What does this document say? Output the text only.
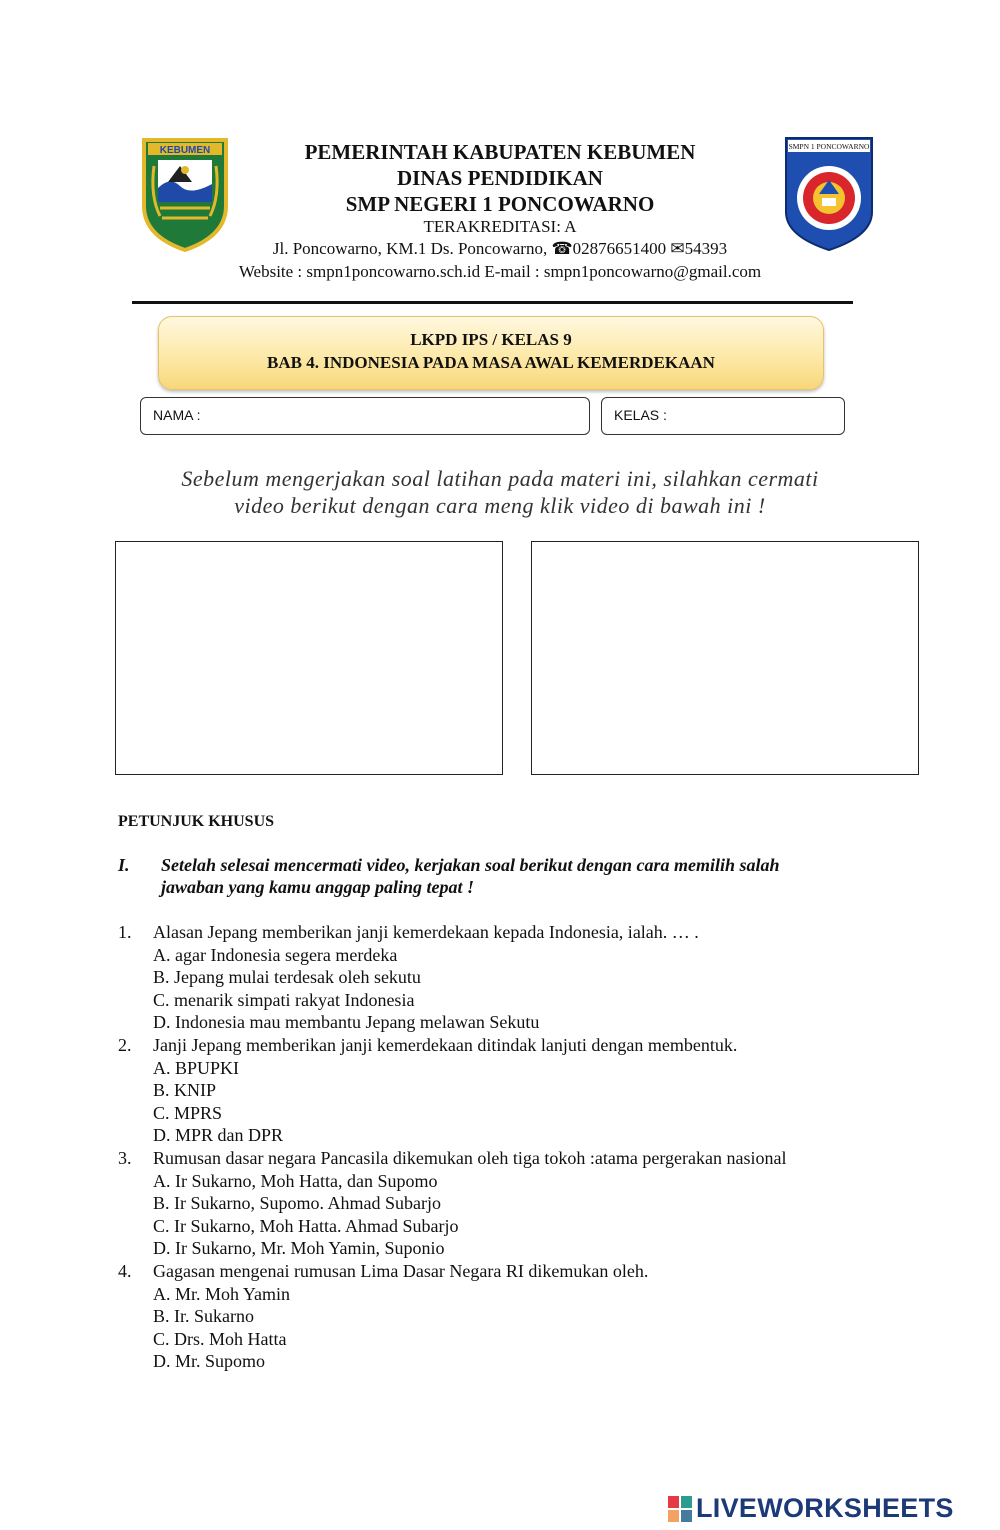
KEBUMEN	PEMERINTAH KABUPATEN KEBUMEN
DINAS PENDIDIKAN
SMP NEGERI 1 PONCOWARNO
TERAKREDITASI: A
Jl. Poncowarno, KM.1 Ds. Poncowarno, ☎02876651400 ✉54393
Website : smpn1poncowarno.sch.id E-mail : smpn1poncowarno@gmail.com
SMPN 1 PONCOWARNO
LKPD IPS / KELAS 9
BAB 4. INDONESIA PADA MASA AWAL KEMERDEKAAN
NAMA :	KELAS :
Sebelum mengerjakan soal latihan pada materi ini, silahkan cermati
video berikut dengan cara meng klik video di bawah ini !
PETUNJUK KHUSUS
I. Setelah selesai mencermati video, kerjakan soal berikut dengan cara memilih salah
jawaban yang kamu anggap paling tepat !
1.	Alasan Jepang memberikan janji kemerdekaan kepada Indonesia, ialah. … .
A. agar Indonesia segera merdeka
B. Jepang mulai terdesak oleh sekutu
C. menarik simpati rakyat Indonesia
D. Indonesia mau membantu Jepang melawan Sekutu
2.	Janji Jepang memberikan janji kemerdekaan ditindak lanjuti dengan membentuk.
A. BPUPKI
B. KNIP
C. MPRS
D. MPR dan DPR
3.	Rumusan dasar negara Pancasila dikemukan oleh tiga tokoh :atama pergerakan nasional
A. Ir Sukarno, Moh Hatta, dan Supomo
B. Ir Sukarno, Supomo. Ahmad Subarjo
C. Ir Sukarno, Moh Hatta. Ahmad Subarjo
D. Ir Sukarno, Mr. Moh Yamin, Suponio
4.	Gagasan mengenai rumusan Lima Dasar Negara RI dikemukan oleh.
A. Mr. Moh Yamin
B. Ir. Sukarno
C. Drs. Moh Hatta
D. Mr. Supomo
LIVEWORKSHEETS
